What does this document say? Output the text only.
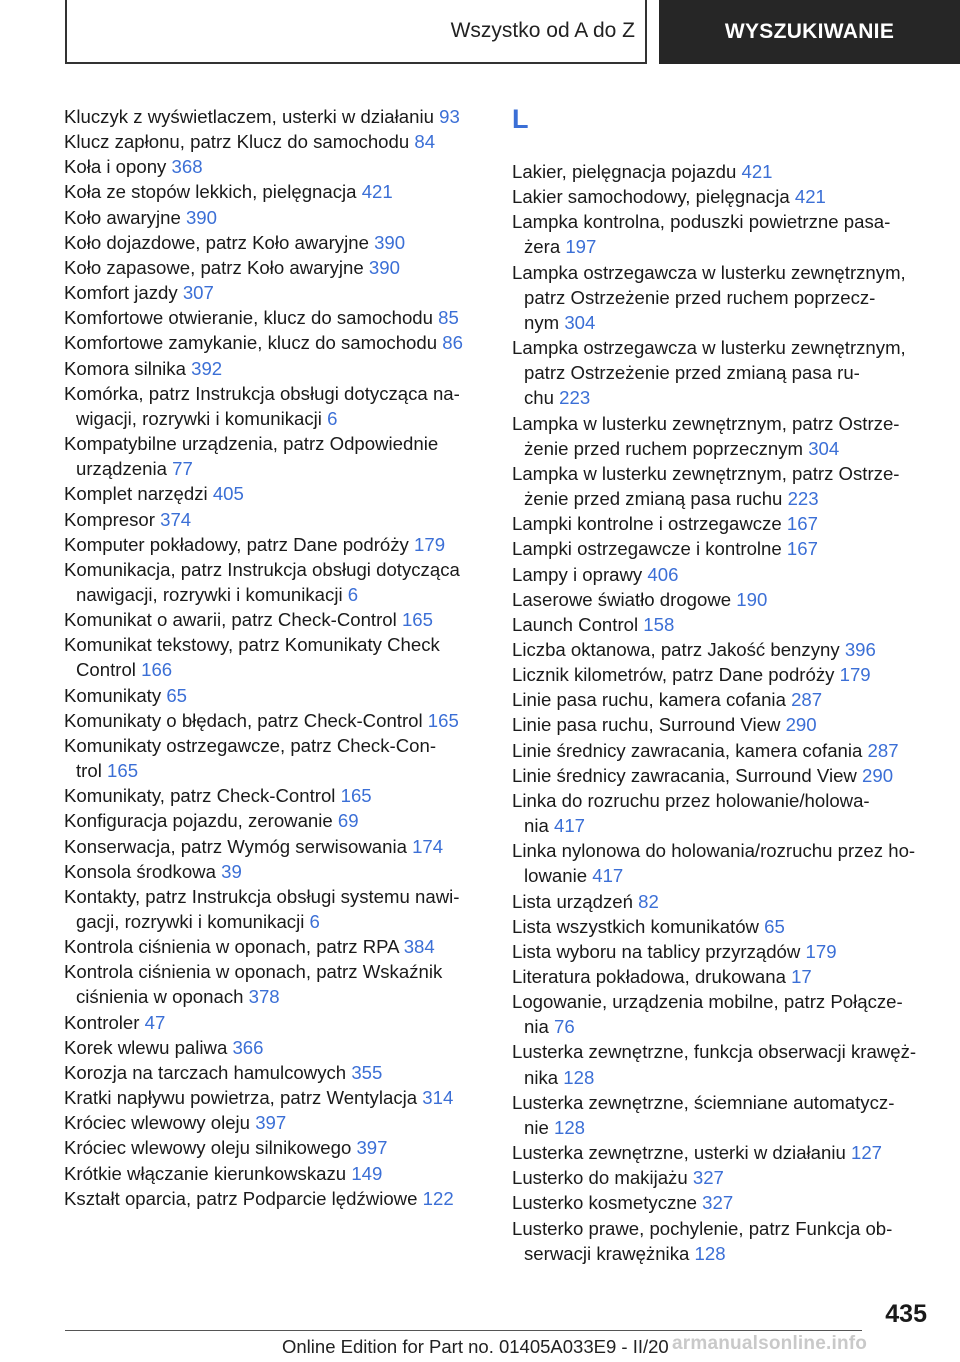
Wszystko od A do Z	WYSZUKIWANIE
Kluczyk z wyświetlaczem, usterki w działaniu 93
Klucz zapłonu, patrz Klucz do samochodu 84
Koła i opony 368
Koła ze stopów lekkich, pielęgnacja 421
Koło awaryjne 390
Koło dojazdowe, patrz Koło awaryjne 390
Koło zapasowe, patrz Koło awaryjne 390
Komfort jazdy 307
Komfortowe otwieranie, klucz do samochodu 85
Komfortowe zamykanie, klucz do samochodu 86
Komora silnika 392
Komórka, patrz Instrukcja obsługi dotycząca na‐
wigacji, rozrywki i komunikacji 6
Kompatybilne urządzenia, patrz Odpowiednie
urządzenia 77
Komplet narzędzi 405
Kompresor 374
Komputer pokładowy, patrz Dane podróży 179
Komunikacja, patrz Instrukcja obsługi dotycząca
nawigacji, rozrywki i komunikacji 6
Komunikat o awarii, patrz Check-Control 165
Komunikat tekstowy, patrz Komunikaty Check
Control 166
Komunikaty 65
Komunikaty o błędach, patrz Check-Control 165
Komunikaty ostrzegawcze, patrz Check-Con‐
trol 165
Komunikaty, patrz Check-Control 165
Konfiguracja pojazdu, zerowanie 69
Konserwacja, patrz Wymóg serwisowania 174
Konsola środkowa 39
Kontakty, patrz Instrukcja obsługi systemu nawi‐
gacji, rozrywki i komunikacji 6
Kontrola ciśnienia w oponach, patrz RPA 384
Kontrola ciśnienia w oponach, patrz Wskaźnik
ciśnienia w oponach 378
Kontroler 47
Korek wlewu paliwa 366
Korozja na tarczach hamulcowych 355
Kratki napływu powietrza, patrz Wentylacja 314
Króciec wlewowy oleju 397
Króciec wlewowy oleju silnikowego 397
Krótkie włączanie kierunkowskazu 149
Kształt oparcia, patrz Podparcie lędźwiowe 122
L
Lakier, pielęgnacja pojazdu 421
Lakier samochodowy, pielęgnacja 421
Lampka kontrolna, poduszki powietrzne pasa‐
żera 197
Lampka ostrzegawcza w lusterku zewnętrznym,
patrz Ostrzeżenie przed ruchem poprzecz‐
nym 304
Lampka ostrzegawcza w lusterku zewnętrznym,
patrz Ostrzeżenie przed zmianą pasa ru‐
chu 223
Lampka w lusterku zewnętrznym, patrz Ostrze‐
żenie przed ruchem poprzecznym 304
Lampka w lusterku zewnętrznym, patrz Ostrze‐
żenie przed zmianą pasa ruchu 223
Lampki kontrolne i ostrzegawcze 167
Lampki ostrzegawcze i kontrolne 167
Lampy i oprawy 406
Laserowe światło drogowe 190
Launch Control 158
Liczba oktanowa, patrz Jakość benzyny 396
Licznik kilometrów, patrz Dane podróży 179
Linie pasa ruchu, kamera cofania 287
Linie pasa ruchu, Surround View 290
Linie średnicy zawracania, kamera cofania 287
Linie średnicy zawracania, Surround View 290
Linka do rozruchu przez holowanie/holowa‐
nia 417
Linka nylonowa do holowania/rozruchu przez ho‐
lowanie 417
Lista urządzeń 82
Lista wszystkich komunikatów 65
Lista wyboru na tablicy przyrządów 179
Literatura pokładowa, drukowana 17
Logowanie, urządzenia mobilne, patrz Połącze‐
nia 76
Lusterka zewnętrzne, funkcja obserwacji krawęż‐
nika 128
Lusterka zewnętrzne, ściemniane automatycz‐
nie 128
Lusterka zewnętrzne, usterki w działaniu 127
Lusterko do makijażu 327
Lusterko kosmetyczne 327
Lusterko prawe, pochylenie, patrz Funkcja ob‐
serwacji krawężnika 128
435
Online Edition for Part no. 01405A033E9 - II/20 armanualsonline.info
